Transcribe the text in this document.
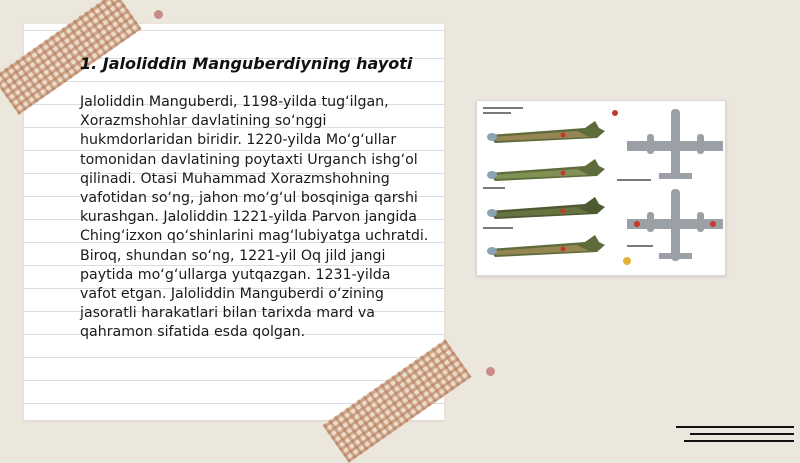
1. Jaloliddin Manguberdiyning hayoti

Jaloliddin Manguberdi, 1198-yilda tug‘ilgan, Xorazmshohlar davlatining so‘nggi hukmdorlaridan biridir. 1220-yilda Mo‘g‘ullar tomonidan davlatining poytaxti Urganch ishg‘ol qilinadi. Otasi Muhammad Xorazmshohning vafotidan so‘ng, jahon mo‘g‘ul bosqiniga qarshi kurashgan. Jaloliddin 1221-yilda Parvon jangida Ching‘izxon qo‘shinlarini mag‘lubiyatga uchratdi. Biroq, shundan so‘ng, 1221-yil Oq jild jangi paytida mo‘g‘ullarga yutqazgan. 1231-yilda vafot etgan. Jaloliddin Manguberdi o‘zining jasoratli harakatlari bilan tarixda mard va qahramon sifatida esda qolgan.
